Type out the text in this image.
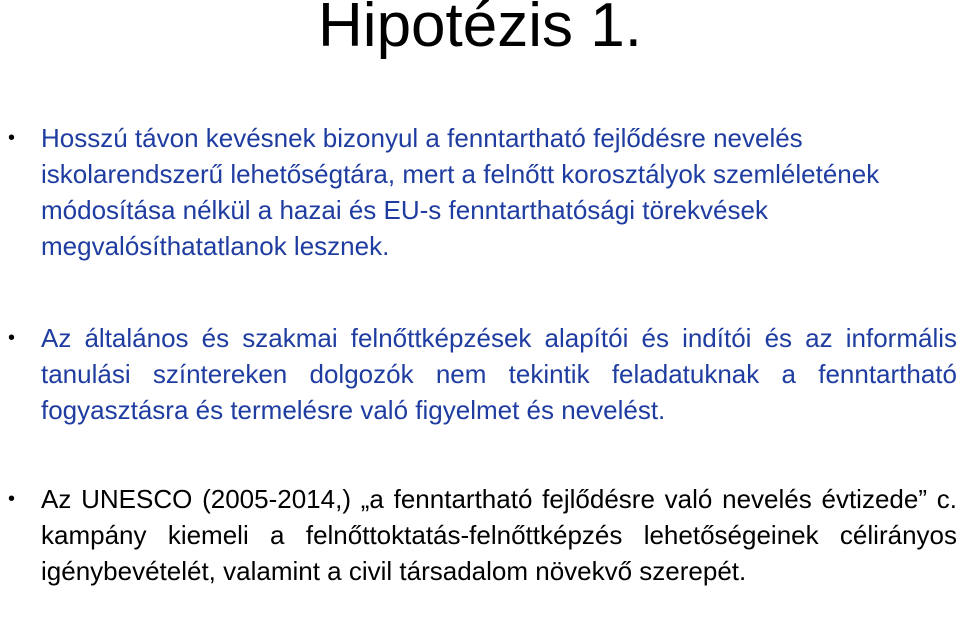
Hipotézis 1.
• Hosszú távon kevésnek bizonyul a fenntartható fejlődésre nevelés iskolarendszerű lehetőségtára, mert a felnőtt korosztályok szemléletének módosítása nélkül a hazai és EU-s fenntarthatósági törekvések megvalósíthatatlanok lesznek.

• Az általános és szakmai felnőttképzések alapítói és indítói és az informális tanulási színtereken dolgozók nem tekintik feladatuknak a fenntartható fogyasztásra és termelésre való figyelmet és nevelést.

• Az UNESCO (2005-2014,) „a fenntartható fejlődésre való nevelés évtizede” c. kampány kiemeli a felnőttoktatás-felnőttképzés lehetőségeinek célirányos igénybevételét, valamint a civil társadalom növekvő szerepét.
